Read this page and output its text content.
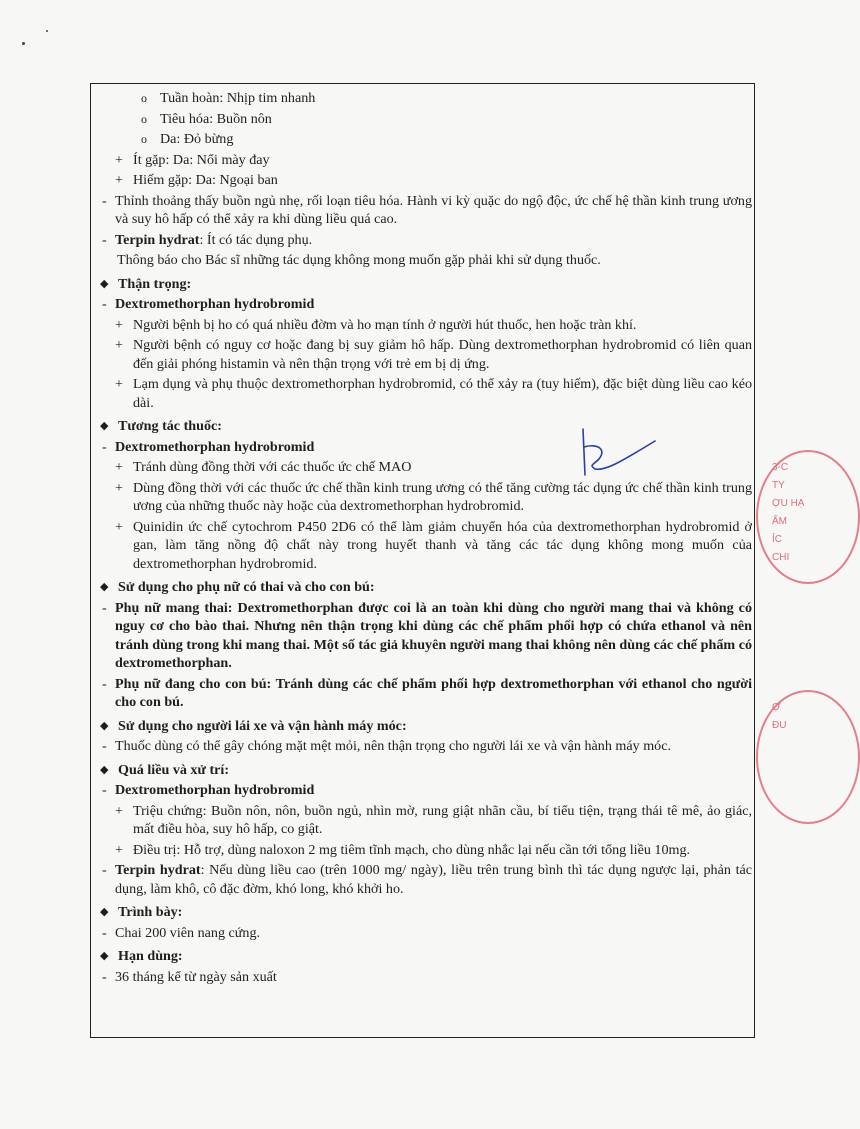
o Tuần hoàn: Nhịp tim nhanh
o Tiêu hóa: Buồn nôn
o Da: Đỏ bừng
+ Ít gặp: Da: Nổi mày đay
+ Hiếm gặp: Da: Ngoại ban
- Thỉnh thoảng thấy buồn ngủ nhẹ, rối loạn tiêu hóa. Hành vi kỳ quặc do ngộ độc, ức chế hệ thần kinh trung ương và suy hô hấp có thể xảy ra khi dùng liều quá cao.
- Terpin hydrat: Ít có tác dụng phụ.
Thông báo cho Bác sĩ những tác dụng không mong muốn gặp phải khi sử dụng thuốc.
◆ Thận trọng:
- Dextromethorphan hydrobromid
+ Người bệnh bị ho có quá nhiều đờm và ho mạn tính ở người hút thuốc, hen hoặc tràn khí.
+ Người bệnh có nguy cơ hoặc đang bị suy giảm hô hấp. Dùng dextromethorphan hydrobromid có liên quan đến giải phóng histamin và nên thận trọng với trẻ em bị dị ứng.
+ Lạm dụng và phụ thuộc dextromethorphan hydrobromid, có thể xảy ra (tuy hiếm), đặc biệt dùng liều cao kéo dài.
◆ Tương tác thuốc:
- Dextromethorphan hydrobromid
+ Tránh dùng đồng thời với các thuốc ức chế MAO
+ Dùng đồng thời với các thuốc ức chế thần kinh trung ương có thể tăng cường tác dụng ức chế thần kinh trung ương của những thuốc này hoặc của dextromethorphan hydrobromid.
+ Quinidin ức chế cytochrom P450 2D6 có thể làm giảm chuyển hóa của dextromethorphan hydrobromid ở gan, làm tăng nồng độ chất này trong huyết thanh và tăng các tác dụng không mong muốn của dextromethorphan hydrobromid.
◆ Sử dụng cho phụ nữ có thai và cho con bú:
- Phụ nữ mang thai: Dextromethorphan được coi là an toàn khi dùng cho người mang thai và không có nguy cơ cho bào thai. Nhưng nên thận trọng khi dùng các chế phẩm phối hợp có chứa ethanol và nên tránh dùng trong khi mang thai. Một số tác giả khuyên người mang thai không nên dùng các chế phẩm có dextromethorphan.
- Phụ nữ đang cho con bú: Tránh dùng các chế phẩm phối hợp dextromethorphan với ethanol cho người cho con bú.
◆ Sử dụng cho người lái xe và vận hành máy móc:
- Thuốc dùng có thể gây chóng mặt mệt mỏi, nên thận trọng cho người lái xe và vận hành máy móc.
◆ Quá liều và xử trí:
- Dextromethorphan hydrobromid
+ Triệu chứng: Buồn nôn, nôn, buồn ngủ, nhìn mờ, rung giật nhãn cầu, bí tiểu tiện, trạng thái tê mê, ảo giác, mất điều hòa, suy hô hấp, co giật.
+ Điều trị: Hỗ trợ, dùng naloxon 2 mg tiêm tĩnh mạch, cho dùng nhắc lại nếu cần tới tổng liều 10mg.
- Terpin hydrat: Nếu dùng liều cao (trên 1000 mg/ ngày), liều trên trung bình thì tác dụng ngược lại, phản tác dụng, làm khô, cô đặc đờm, khó long, khó khởi ho.
◆ Trình bày:
- Chai 200 viên nang cứng.
◆ Hạn dùng:
- 36 tháng kể từ ngày sản xuất
3-C
TY
ỢU HẠ
ẨM
ỈC
CHI
Ợ
ĐU
